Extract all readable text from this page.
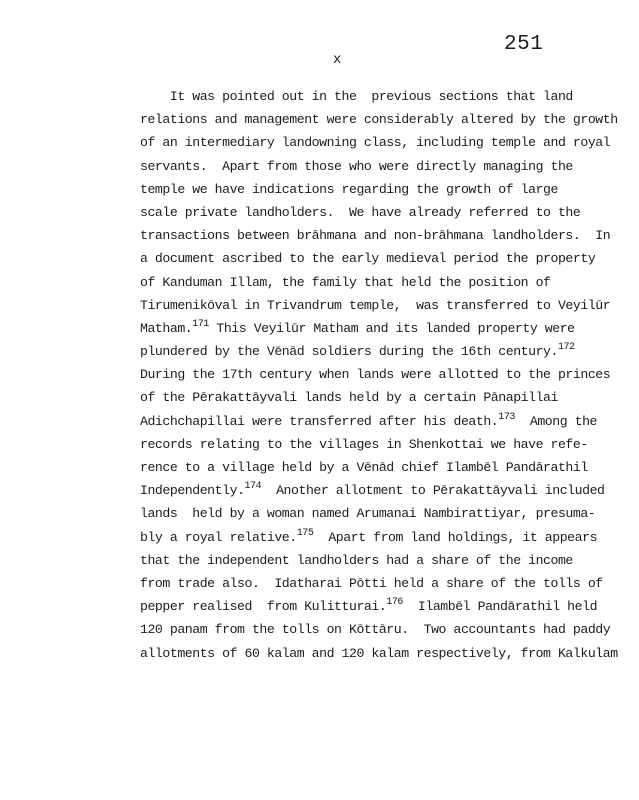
251
x
It was pointed out in the  previous sections that land
relations and management were considerably altered by the growth
of an intermediary landowning class, including temple and royal
servants.  Apart from those who were directly managing the
temple we have indications regarding the growth of large
scale private landholders.  We have already referred to the
transactions between brāhmana and non-brāhmana landholders.  In
a document ascribed to the early medieval period the property
of Kanduman Illam, the family that held the position of
Tirumenikōval in Trivandrum temple,  was transferred to Veyilūr
Matham.$^{171}$ This Veyilūr Matham and its landed property were
plundered by the Vēnād soldiers during the 16th century.$^{172}$
During the 17th century when lands were allotted to the princes
of the Pērakattāyvali lands held by a certain Pānapillai
Adichchapillai were transferred after his death.$^{173}$  Among the
records relating to the villages in Shenkottai we have refe-
rence to a village held by a Vēnād chief Ilambēl Pandārathil
Independently.$^{174}$  Another allotment to Pērakattāyvali included
lands  held by a woman named Arumanai Nambirattiyar, presuma-
bly a royal relative.$^{175}$  Apart from land holdings, it appears
that the independent landholders had a share of the income
from trade also.  Idatharai Pōtti held a share of the tolls of
pepper realised  from Kulitturai.$^{176}$  Ilambēl Pandārathil held
120 panam from the tolls on Kōttāru.  Two accountants had paddy
allotments of 60 kalam and 120 kalam respectively, from Kalkulam
